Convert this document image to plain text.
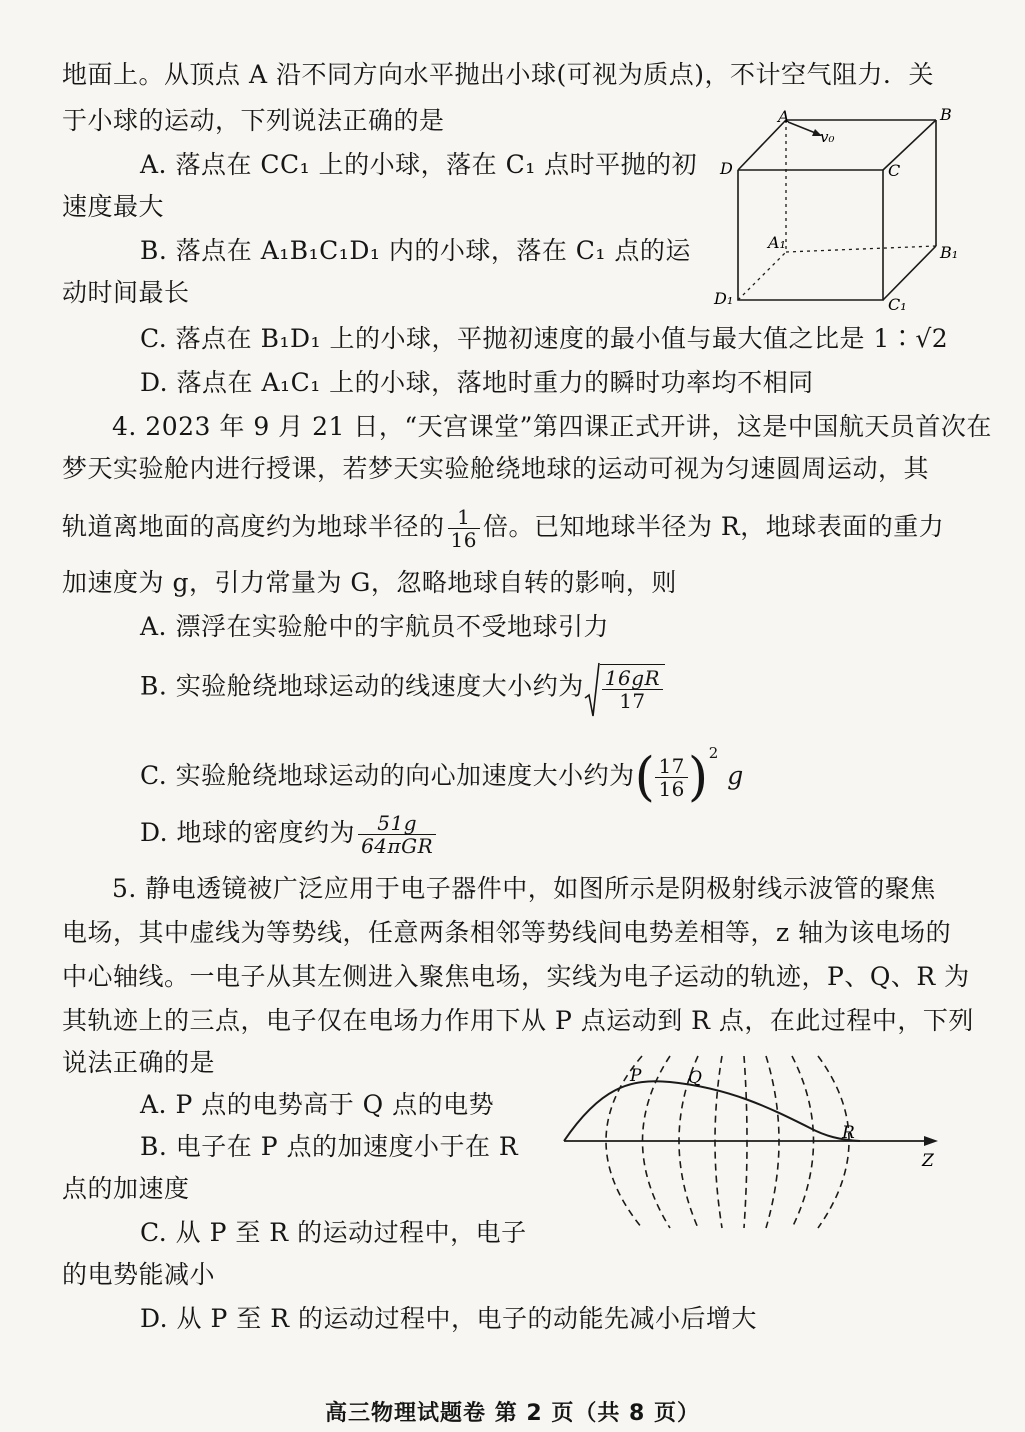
地面上。从顶点 A 沿不同方向水平抛出小球(可视为质点)，不计空气阻力．关
于小球的运动，下列说法正确的是
A. 落点在 CC₁ 上的小球，落在 C₁ 点时平抛的初
速度最大
B. 落点在 A₁B₁C₁D₁ 内的小球，落在 C₁ 点的运
动时间最长
C. 落点在 B₁D₁ 上的小球，平抛初速度的最小值与最大值之比是 1∶√2
D. 落点在 A₁C₁ 上的小球，落地时重力的瞬时功率均不相同
A	B
D	C
A₁
B₁
D₁	C₁
v₀
4. 2023 年 9 月 21 日，“天宫课堂”第四课正式开讲，这是中国航天员首次在
梦天实验舱内进行授课，若梦天实验舱绕地球的运动可视为匀速圆周运动，其
轨道离地面的高度约为地球半径的 $\frac{1}{16}$ 倍。已知地球半径为 R，地球表面的重力
加速度为 g，引力常量为 G，忽略地球自转的影响，则
A. 漂浮在实验舱中的宇航员不受地球引力
B. 实验舱绕地球运动的线速度大小约为 $\frac{16gR}{17}$
C. 实验舱绕地球运动的向心加速度大小约为( $\frac{17}{16} )^2$ g
D. 地球的密度约为 $\frac{51g}{\text{64πGR}}$
5. 静电透镜被广泛应用于电子器件中，如图所示是阴极射线示波管的聚焦
电场，其中虚线为等势线，任意两条相邻等势线间电势差相等，z 轴为该电场的
中心轴线。一电子从其左侧进入聚焦电场，实线为电子运动的轨迹，P、Q、R 为
其轨迹上的三点，电子仅在电场力作用下从 P 点运动到 R 点，在此过程中，下列
说法正确的是
A. P 点的电势高于 Q 点的电势
B. 电子在 P 点的加速度小于在 R
点的加速度
C. 从 P 至 R 的运动过程中，电子
的电势能减小
D. 从 P 至 R 的运动过程中，电子的动能先减小后增大
P	Q
R
Z
高三物理试题卷 第 2 页（共 8 页）
